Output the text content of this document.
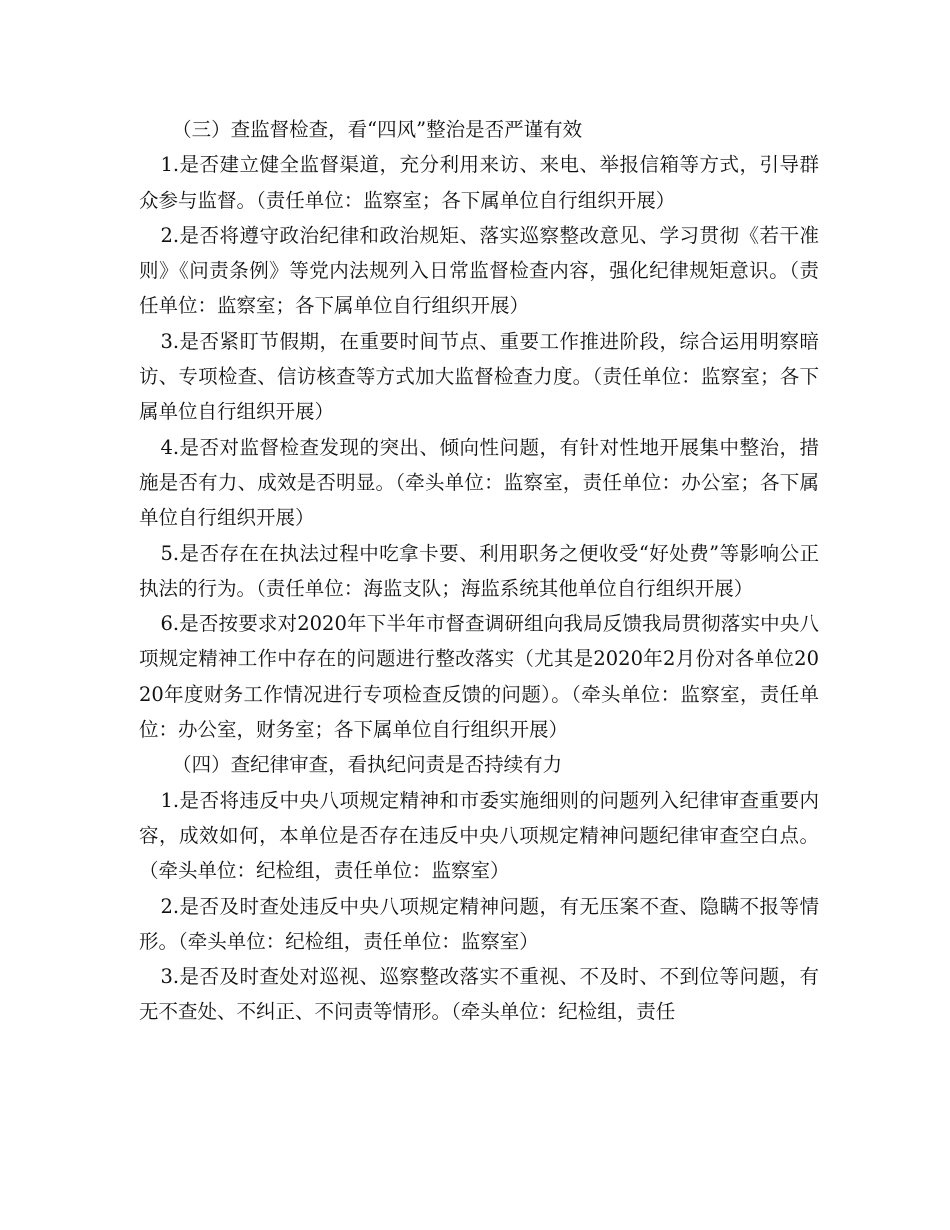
（三）查监督检查，看“四风”整治是否严谨有效

1.是否建立健全监督渠道，充分利用来访、来电、举报信箱等方式，引导群众参与监督。（责任单位：监察室；各下属单位自行组织开展）

2.是否将遵守政治纪律和政治规矩、落实巡察整改意见、学习贯彻《若干准则》《问责条例》等党内法规列入日常监督检查内容，强化纪律规矩意识。（责任单位：监察室；各下属单位自行组织开展）

3.是否紧盯节假期，在重要时间节点、重要工作推进阶段，综合运用明察暗访、专项检查、信访核查等方式加大监督检查力度。（责任单位：监察室；各下属单位自行组织开展）

4.是否对监督检查发现的突出、倾向性问题，有针对性地开展集中整治，措施是否有力、成效是否明显。（牵头单位：监察室，责任单位：办公室；各下属单位自行组织开展）

5.是否存在在执法过程中吃拿卡要、利用职务之便收受“好处费”等影响公正执法的行为。（责任单位：海监支队；海监系统其他单位自行组织开展）

6.是否按要求对2020年下半年市督查调研组向我局反馈我局贯彻落实中央八项规定精神工作中存在的问题进行整改落实（尤其是2020年2月份对各单位2020年度财务工作情况进行专项检查反馈的问题）。（牵头单位：监察室，责任单位：办公室，财务室；各下属单位自行组织开展）

（四）查纪律审查，看执纪问责是否持续有力

1.是否将违反中央八项规定精神和市委实施细则的问题列入纪律审查重要内容，成效如何，本单位是否存在违反中央八项规定精神问题纪律审查空白点。（牵头单位：纪检组，责任单位：监察室）

2.是否及时查处违反中央八项规定精神问题，有无压案不查、隐瞒不报等情形。（牵头单位：纪检组，责任单位：监察室）

3.是否及时查处对巡视、巡察整改落实不重视、不及时、不到位等问题，有无不查处、不纠正、不问责等情形。（牵头单位：纪检组，责任
